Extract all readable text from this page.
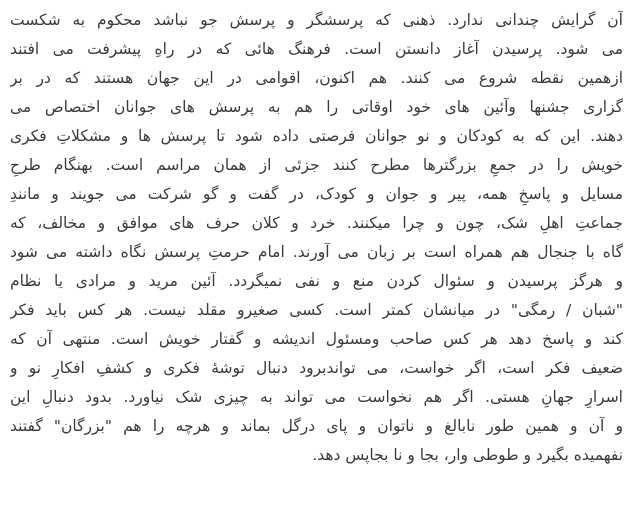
آن گرایش چندانی ندارد. ذهنی که پرسشگر و پرسش جو نباشد محکوم به شکست
می شود. پرسیدن آغاز دانستن است. فرهنگ هائی که در راهِ پیشرفت می افتند
ازهمین نقطه شروع می کنند. هم اکنون، اقوامی در این جهان هستند که در بر
گزاری جشنها وآئین های خود اوقاتی را هم به پرسش های جوانان اختصاص می
دهند. این که به کودکان و نو جوانان فرصتی داده شود تا پرسش ها و مشکلاتِ فکری
خویش را در جمعِ بزرگترها مطرح کنند جزئی از همان مراسم است. بهنگام طرحِ
مسایل و پاسخِ همه، پیر و جوان و کودک، در گفت و گو شرکت می جویند و مانندِ
جماعتِ اهلِ شک، چون و چرا میکنند. خرد و کلان حرف های موافق و مخالف، که
گاه با جنجال هم همراه است بر زبان می آورند. امام حرمتِ پرسش نگاه داشته می شود
و هرگز پرسیدن و سئوال کردن منع و نفی نمیگردد. آئین مرید و مرادی یا نظام
"شبان / رمگی" در میانشان کمتر است. کسی صغیرو مقلد نیست. هر کس باید فکر
کند و پاسخ دهد هر کس صاحب ومسئول اندیشه و گفتار خویش است. منتهی آن که
ضعیف فکر است، اگر خواست، می تواندبرود دنبال توشۀ فکری و کشفِ افکارِ نو و
اسرارِ جهانِ هستی. اگر هم نخواست می تواند به چیزی شک نیاورد. بدود دنبالِ این
و آن و همین طور نابالغ و ناتوان و پای درگل بماند و هرچه را هم "بزرگان" گفتند
نفهمیده بگیرد و طوطی وار، بجا و نا بجاپس دهد.
